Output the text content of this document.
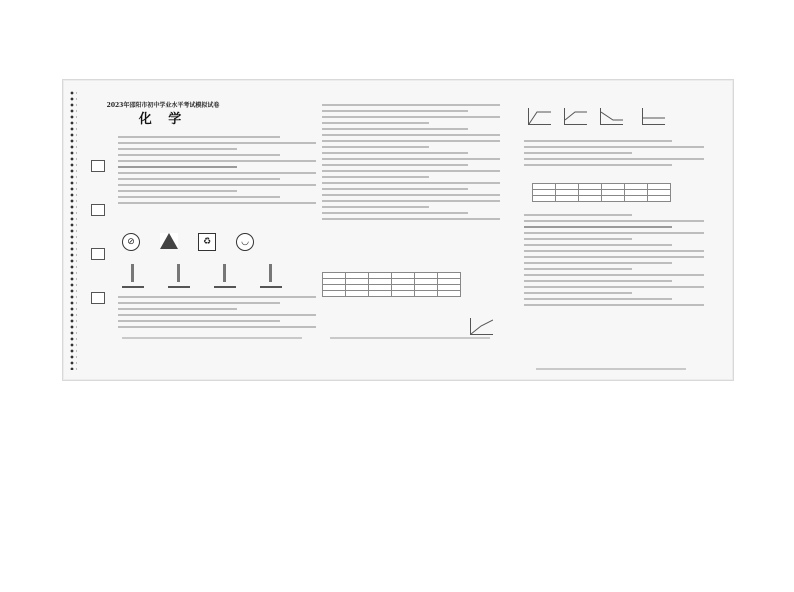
2023年邵阳市初中学业水平考试模拟试卷
化 学
⊘	♻	◡
